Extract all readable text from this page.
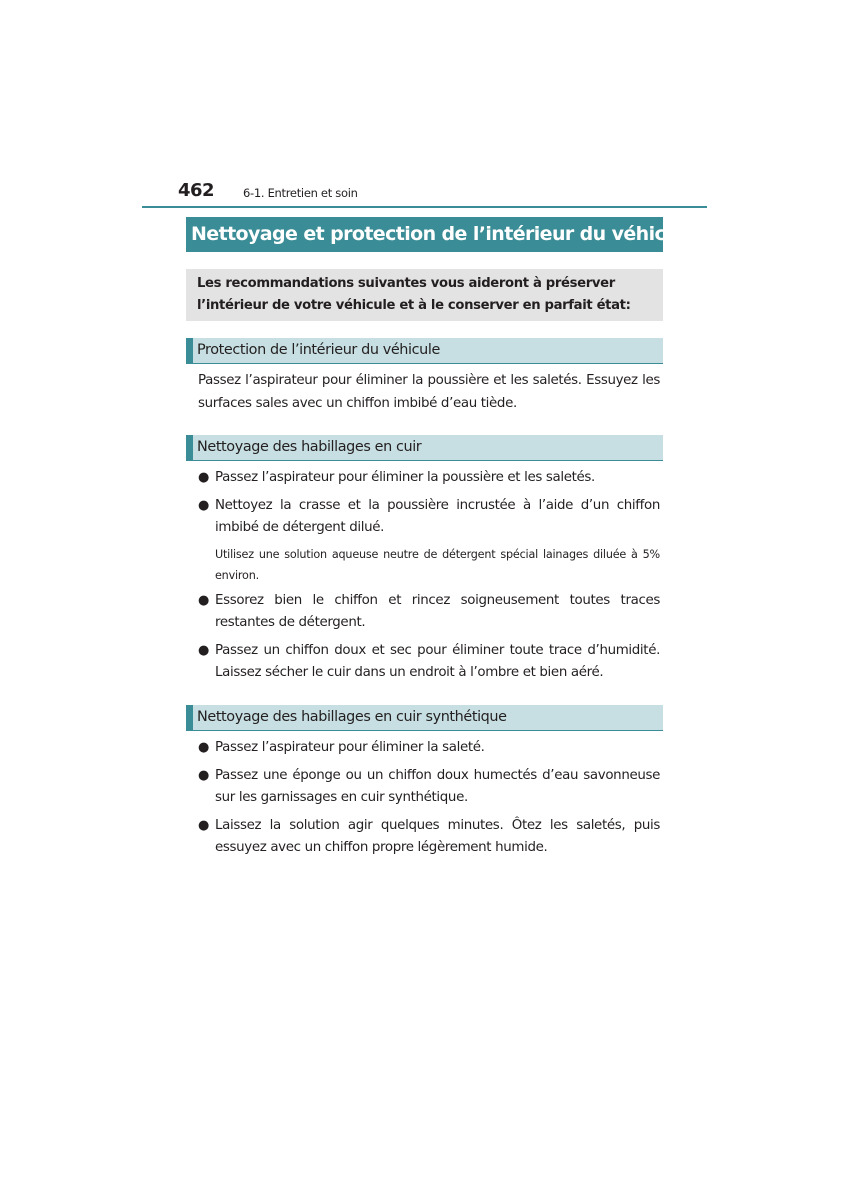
462	6-1. Entretien et soin
Nettoyage et protection de l’intérieur du véhicule
Les recommandations suivantes vous aideront à préserver l’intérieur de votre véhicule et à le conserver en parfait état:
Protection de l’intérieur du véhicule
Passez l’aspirateur pour éliminer la poussière et les saletés. Essuyez les surfaces sales avec un chiffon imbibé d’eau tiède.
Nettoyage des habillages en cuir
● Passez l’aspirateur pour éliminer la poussière et les saletés.
● Nettoyez la crasse et la poussière incrustée à l’aide d’un chiffon imbibé de détergent dilué.
Utilisez une solution aqueuse neutre de détergent spécial lainages diluée à 5% environ.
● Essorez bien le chiffon et rincez soigneusement toutes traces restantes de détergent.
● Passez un chiffon doux et sec pour éliminer toute trace d’humidité. Laissez sécher le cuir dans un endroit à l’ombre et bien aéré.
Nettoyage des habillages en cuir synthétique
● Passez l’aspirateur pour éliminer la saleté.
● Passez une éponge ou un chiffon doux humectés d’eau savonneuse sur les garnissages en cuir synthétique.
● Laissez la solution agir quelques minutes. Ôtez les saletés, puis essuyez avec un chiffon propre légèrement humide.
